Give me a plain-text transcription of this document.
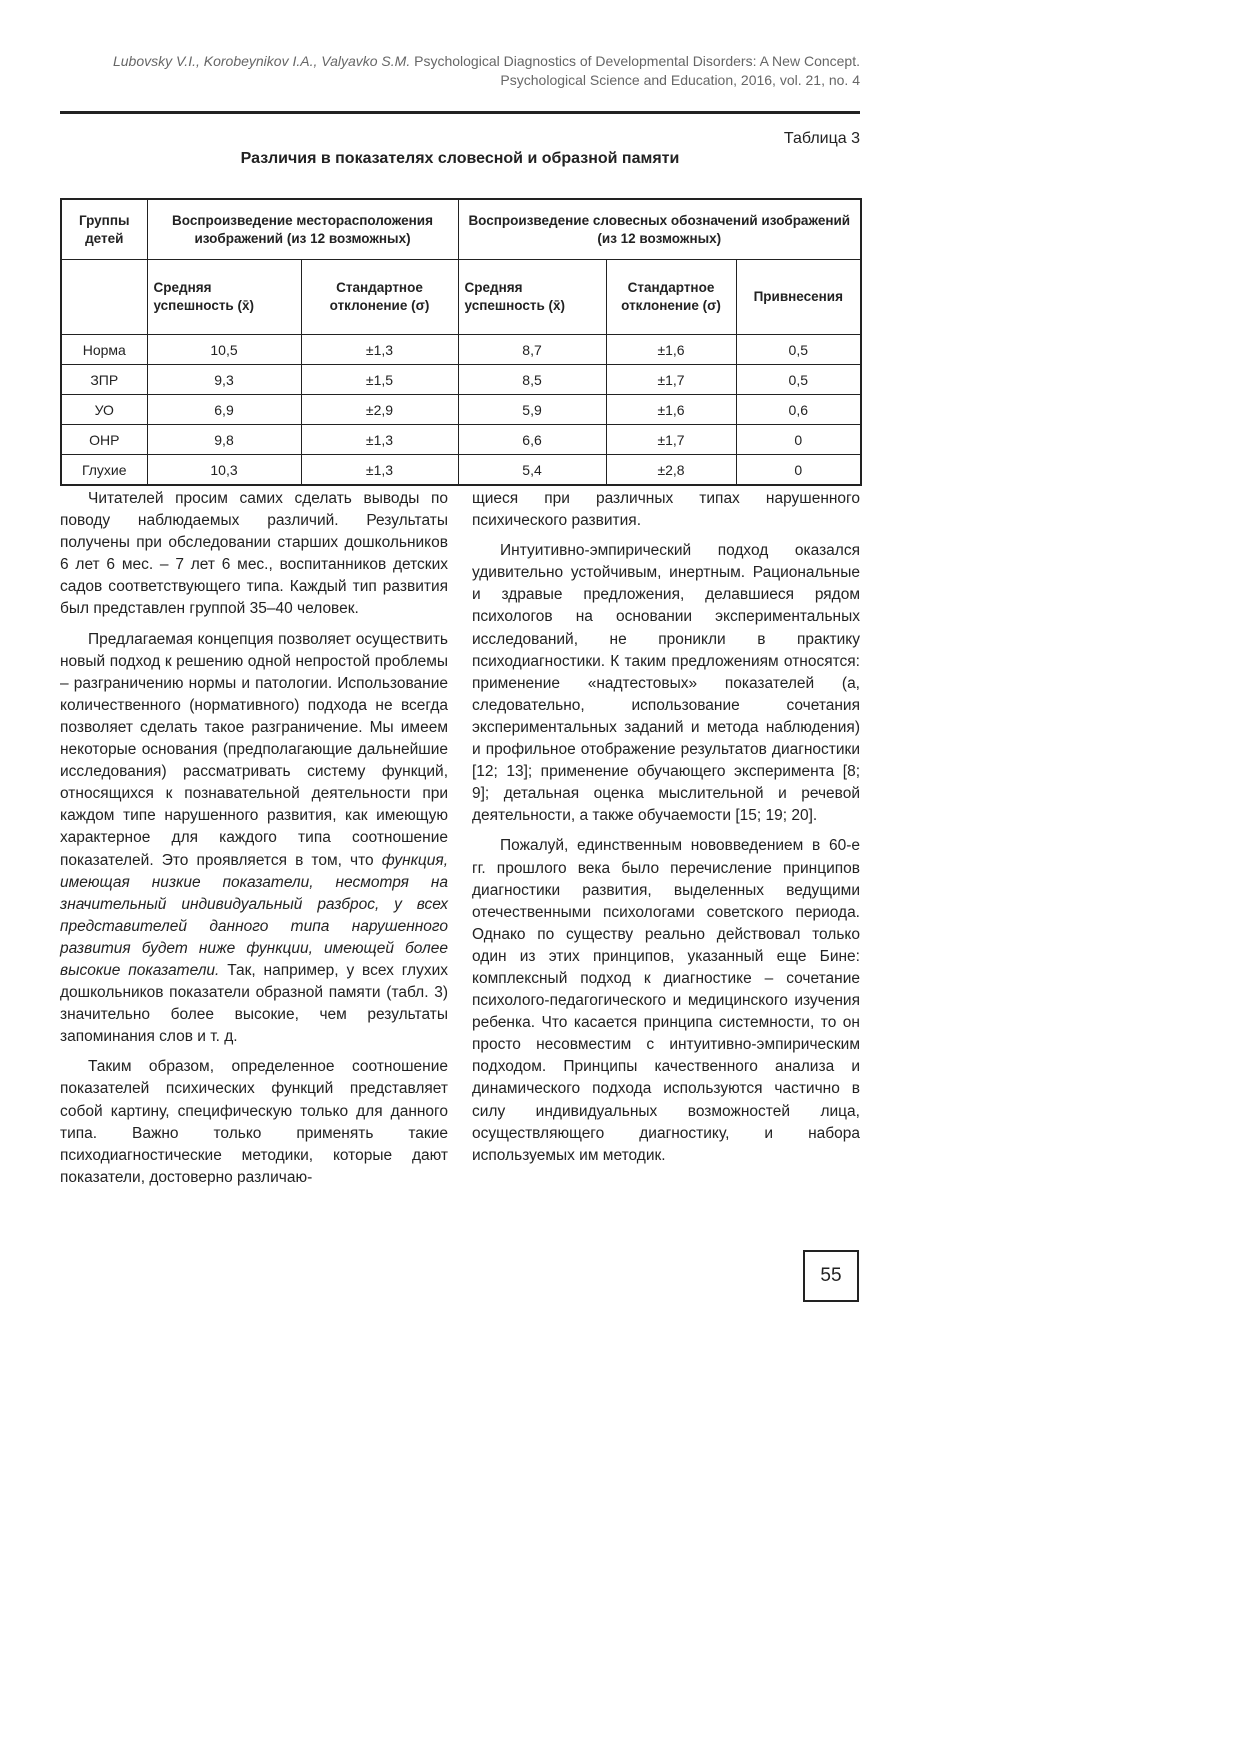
Lubovsky V.I., Korobeynikov I.A., Valyavko S.M. Psychological Diagnostics of Developmental Disorders: A New Concept.
Psychological Science and Education, 2016, vol. 21, no. 4
Таблица 3
Различия в показателях словесной и образной памяти
Группы детей	Воспроизведение месторасположения изображений (из 12 возможных)		Воспроизведение словесных обозначений изображений (из 12 возможных)		
	Средняя успешность (x̄)	Стандартное отклонение (σ)	Средняя успешность (x̄)	Стандартное отклонение (σ)	Привнесения
Норма	10,5	±1,3	8,7	±1,6	0,5
ЗПР	9,3	±1,5	8,5	±1,7	0,5
УО	6,9	±2,9	5,9	±1,6	0,6
ОНР	9,8	±1,3	6,6	±1,7	0
Глухие	10,3	±1,3	5,4	±2,8	0

Читателей просим самих сделать выводы по поводу наблюдаемых различий. Результаты получены при обследовании старших дошкольников 6 лет 6 мес. – 7 лет 6 мес., воспитанников детских садов соответствующего типа. Каждый тип развития был представлен группой 35–40 человек.

Предлагаемая концепция позволяет осуществить новый подход к решению одной непростой проблемы – разграничению нормы и патологии. Использование количественного (нормативного) подхода не всегда позволяет сделать такое разграничение. Мы имеем некоторые основания (предполагающие дальнейшие исследования) рассматривать систему функций, относящихся к познавательной деятельности при каждом типе нарушенного развития, как имеющую характерное для каждого типа соотношение показателей. Это проявляется в том, что функция, имеющая низкие показатели, несмотря на значительный индивидуальный разброс, у всех представителей данного типа нарушенного развития будет ниже функции, имеющей более высокие показатели. Так, например, у всех глухих дошкольников показатели образной памяти (табл. 3) значительно более высокие, чем результаты запоминания слов и т. д.

Таким образом, определенное соотношение показателей психических функций представляет собой картину, специфическую только для данного типа. Важно только применять такие психодиагностические методики, которые дают показатели, достоверно различаю-

щиеся при различных типах нарушенного психического развития.

Интуитивно-эмпирический подход оказался удивительно устойчивым, инертным. Рациональные и здравые предложения, делавшиеся рядом психологов на основании экспериментальных исследований, не проникли в практику психодиагностики. К таким предложениям относятся: применение «надтестовых» показателей (а, следовательно, использование сочетания экспериментальных заданий и метода наблюдения) и профильное отображение результатов диагностики [12; 13]; применение обучающего эксперимента [8; 9]; детальная оценка мыслительной и речевой деятельности, а также обучаемости [15; 19; 20].

Пожалуй, единственным нововведением в 60-е гг. прошлого века было перечисление принципов диагностики развития, выделенных ведущими отечественными психологами советского периода. Однако по существу реально действовал только один из этих принципов, указанный еще Бине: комплексный подход к диагностике – сочетание психолого-педагогического и медицинского изучения ребенка. Что касается принципа системности, то он просто несовместим с интуитивно-эмпирическим подходом. Принципы качественного анализа и динамического подхода используются частично в силу индивидуальных возможностей лица, осуществляющего диагностику, и набора используемых им методик.

55
